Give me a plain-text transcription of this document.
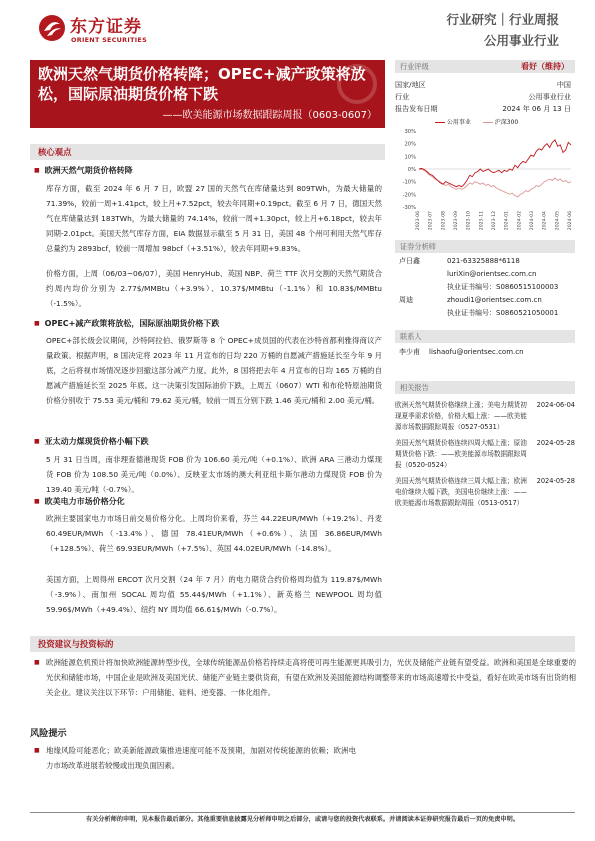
东方证券
ORIENT SECURITIES
行业研究｜行业周报
公用事业行业
欧洲天然气期货价格转降；OPEC+减产政策将放松，国际原油期货价格下跌
——欧美能源市场数据跟踪周报（0603-0607）
行业评级	看好（维持）
国家/地区	中国
行业	公用事业行业
报告发布日期	2024 年 06 月 13 日
公用事业	沪深300
30%
20%
10%
0%
-10%
-20%
-30%
2023-06 2023-07 2023-08 2023-09 2023-10 2023-11 2023-12 2024-01 2024-02 2024-03 2024-04 2024-05 2024-06
证券分析师
卢日鑫	021-63325888*6118
luriXin@orientsec.com.cn
执业证书编号：S0860515100003
周迪	zhoudi1@orientsec.com.cn
执业证书编号：S0860521050001
联系人
李少甫 lishaofu@orientsec.com.cn
相关报告
欧洲天然气期货价格继续上涨；美电力期货初现夏季需求价格，价格大幅上涨：——欧美能源市场数据跟踪周报（0527-0531）
2024-06-04
美国天然气期货价格连续四周大幅上涨；原油期货价格下跌：——欧美能源市场数据跟踪周报（0520-0524）
2024-05-28
美国天然气期货价格连续三周大幅上涨；欧洲电价继续大幅下跌，美国电价继续上涨：——欧美能源市场数据跟踪周报（0513-0517）
2024-05-28
核心观点
■ 欧洲天然气期货价格转降
库存方面，截至 2024 年 6 月 7 日，欧盟 27 国的天然气在库储量达到 809TWh，为最大储量的 71.39%，较前一周+1.41pct，较上月+7.52pct，较去年同期+0.19pct。截至 6 月 7 日，德国天然气在库储量达到 183TWh，为最大储量的 74.14%，较前一周+1.30pct，较上月+6.18pct，较去年同期-2.01pct。美国天然气库存方面，EIA 数据显示截至 5 月 31 日，美国 48 个州可利用天然气库存总量约为 2893bcf，较前一周增加 98bcf（+3.51%），较去年同期+9.83%。
价格方面，上周（06/03~06/07），美国 HenryHub、英国 NBP、荷兰 TTF 次月交割的天然气期货合约周内均价分别为 2.77$/MMBtu（+3.9%）、10.37$/MMBtu（-1.1%）和 10.83$/MMBtu（-1.5%）。
■ OPEC+减产政策将放松，国际原油期货价格下跌
OPEC+部长级会议期间，沙特阿拉伯、俄罗斯等 8 个 OPEC+成员国的代表在沙特首都利雅得商议产量政策。根据声明，8 国决定将 2023 年 11 月宣布的日均 220 万桶的自愿减产措施延长至今年 9 月底，之后将视市场情况逐步回撤这部分减产力度。此外，8 国将把去年 4 月宣布的日均 165 万桶的自愿减产措施延长至 2025 年底。这一决策引发国际油价下跌，上周五（0607）WTI 和布伦特原油期货价格分别收于 75.53 美元/桶和 79.62 美元/桶，较前一周五分别下跌 1.46 美元/桶和 2.00 美元/桶。
■ 亚太动力煤现货价格小幅下跌
5 月 31 日当周，南非理查德港现货 FOB 价为 106.60 美元/吨（+0.1%）、欧洲 ARA 三港动力煤现货 FOB 价为 108.50 美元/吨（0.0%）、反映亚太市场的澳大利亚纽卡斯尔港动力煤现货 FOB 价为 139.40 美元/吨（-0.7%）。
■ 欧美电力市场价格分化
欧洲主要国家电力市场日前交易价格分化。上周均价来看，芬兰 44.22EUR/MWh（+19.2%）、丹麦 60.49EUR/MWh（-13.4%）、德国 78.41EUR/MWh（+0.6%）、法国 36.86EUR/MWh（+128.5%）、荷兰 69.93EUR/MWh（+7.5%）、英国 44.02EUR/MWh（-14.8%）。
美国方面，上周得州 ERCOT 次月交割（24 年 7 月）的电力期货合约价格周均值为 119.87$/MWh（-3.9%）、南加州 SOCAL 周均值 55.44$/MWh（+1.1%）、新英格兰 NEWPOOL 周均值 59.96$/MWh（+49.4%）、纽约 NY 周均值 66.61$/MWh（-0.7%）。
投资建议与投资标的
■
欧洲能源危机预计将加快欧洲能源转型步伐，全球传统能源品价格若持续走高将使可再生能源更具吸引力，光伏及储能产业链有望受益。欧洲和美国是全球重要的光伏和储能市场，中国企业是欧洲及美国光伏、储能产业链主要供货商，有望在欧洲及美国能源结构调整带来的市场高速增长中受益，看好在欧美市场有出货的相关企业。建议关注以下环节：户用储能、硅料、逆变器、一体化组件。
风险提示
■
地缘风险可能恶化；欧美新能源政策推进速度可能不及预期，加剧对传统能源的依赖；欧洲电力市场改革进展若较慢或出现负面因素。
有关分析师的申明，见本报告最后部分。其他重要信息披露见分析师申明之后部分，或请与您的投资代表联系。并请阅读本证券研究报告最后一页的免责申明。
